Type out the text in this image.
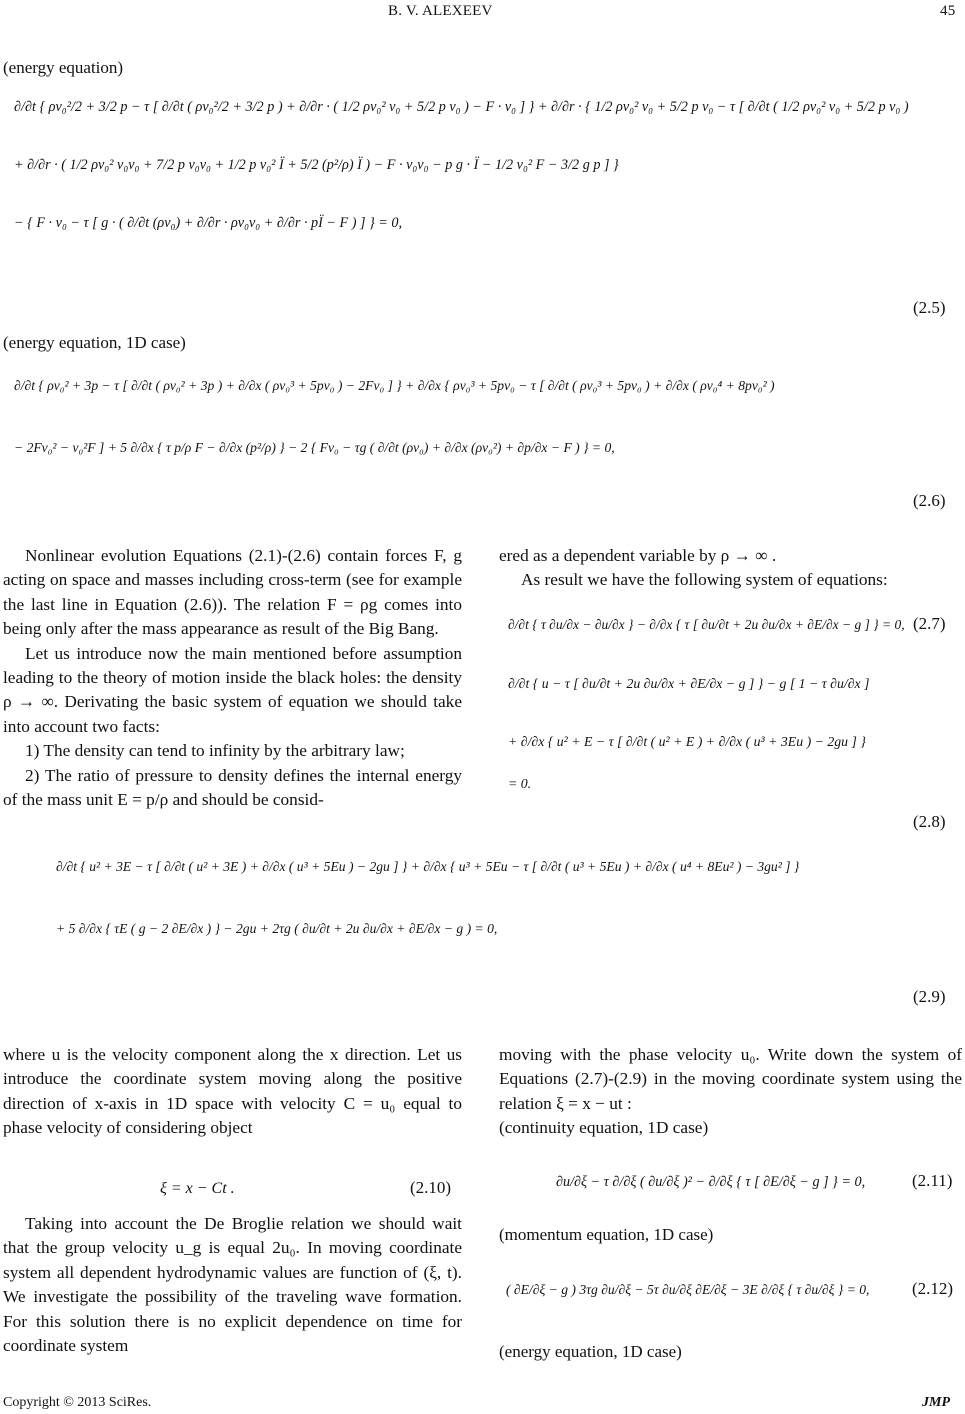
B. V. ALEXEEV	45
(energy equation)
∂/∂t { ρv₀²/2 + 3/2 p − τ [ ∂/∂t ( ρv₀²/2 + 3/2 p ) + ∂/∂r · ( 1/2 ρv₀² v₀ + 5/2 p v₀ ) − F · v₀ ] } + ∂/∂r · { 1/2 ρv₀² v₀ + 5/2 p v₀ − τ [ ∂/∂t ( 1/2 ρv₀² v₀ + 5/2 p v₀ )
+ ∂/∂r · ( 1/2 ρv₀² v₀v₀ + 7/2 p v₀v₀ + 1/2 p v₀² Ï + 5/2 (p²/ρ) Ï ) − F · v₀v₀ − p g · Ï − 1/2 v₀² F − 3/2 g p ] }
− { F · v₀ − τ [ g · ( ∂/∂t (ρv₀) + ∂/∂r · ρv₀v₀ + ∂/∂r · pÏ − F ) ] } = 0,
(2.5)
(energy equation, 1D case)
∂/∂t { ρv₀² + 3p − τ [ ∂/∂t ( ρv₀² + 3p ) + ∂/∂x ( ρv₀³ + 5pv₀ ) − 2Fv₀ ] } + ∂/∂x { ρv₀³ + 5pv₀ − τ [ ∂/∂t ( ρv₀³ + 5pv₀ ) + ∂/∂x ( ρv₀⁴ + 8pv₀² )
− 2Fv₀² − v₀²F ] + 5 ∂/∂x { τ p/ρ F − ∂/∂x (p²/ρ) } − 2 { Fv₀ − τg ( ∂/∂t (ρv₀) + ∂/∂x (ρv₀²) + ∂p/∂x − F ) } = 0,
(2.6)

Nonlinear evolution Equations (2.1)-(2.6) contain forces F, g acting on space and masses including cross-term (see for example the last line in Equation (2.6)). The relation F = ρg comes into being only after the mass appearance as result of the Big Bang.

Let us introduce now the main mentioned before assumption leading to the theory of motion inside the black holes: the density ρ → ∞. Derivating the basic system of equation we should take into account two facts:

1) The density can tend to infinity by the arbitrary law;

2) The ratio of pressure to density defines the internal energy of the mass unit E = p/ρ and should be consid-

ered as a dependent variable by ρ → ∞ .

As result we have the following system of equations:

∂/∂t { τ ∂u/∂x − ∂u/∂x } − ∂/∂x { τ [ ∂u/∂t + 2u ∂u/∂x + ∂E/∂x − g ] } = 0, (2.7)
∂/∂t { u − τ [ ∂u/∂t + 2u ∂u/∂x + ∂E/∂x − g ] } − g [ 1 − τ ∂u/∂x ]
+ ∂/∂x { u² + E − τ [ ∂/∂t ( u² + E ) + ∂/∂x ( u³ + 3Eu ) − 2gu ] }
= 0.
(2.8)
∂/∂t { u² + 3E − τ [ ∂/∂t ( u² + 3E ) + ∂/∂x ( u³ + 5Eu ) − 2gu ] } + ∂/∂x { u³ + 5Eu − τ [ ∂/∂t ( u³ + 5Eu ) + ∂/∂x ( u⁴ + 8Eu² ) − 3gu² ] }
+ 5 ∂/∂x { τE ( g − 2 ∂E/∂x ) } − 2gu + 2τg ( ∂u/∂t + 2u ∂u/∂x + ∂E/∂x − g ) = 0,
(2.9)

where u is the velocity component along the x direction. Let us introduce the coordinate system moving along the positive direction of x-axis in 1D space with velocity C = u₀ equal to phase velocity of considering object

ξ = x − Ct .	(2.10)

Taking into account the De Broglie relation we should wait that the group velocity u_g is equal 2u₀. In moving coordinate system all dependent hydrodynamic values are function of (ξ, t). We investigate the possibility of the traveling wave formation. For this solution there is no explicit dependence on time for coordinate system

moving with the phase velocity u₀. Write down the system of Equations (2.7)-(2.9) in the moving coordinate system using the relation ξ = x − ut :

(continuity equation, 1D case)

∂u/∂ξ − τ ∂/∂ξ ( ∂u/∂ξ )² − ∂/∂ξ { τ [ ∂E/∂ξ − g ] } = 0,	(2.11)
(momentum equation, 1D case)
( ∂E/∂ξ − g ) 3τg ∂u/∂ξ − 5τ ∂u/∂ξ ∂E/∂ξ − 3E ∂/∂ξ { τ ∂u/∂ξ } = 0,	(2.12)
(energy equation, 1D case)
Copyright © 2013 SciRes.	JMP
